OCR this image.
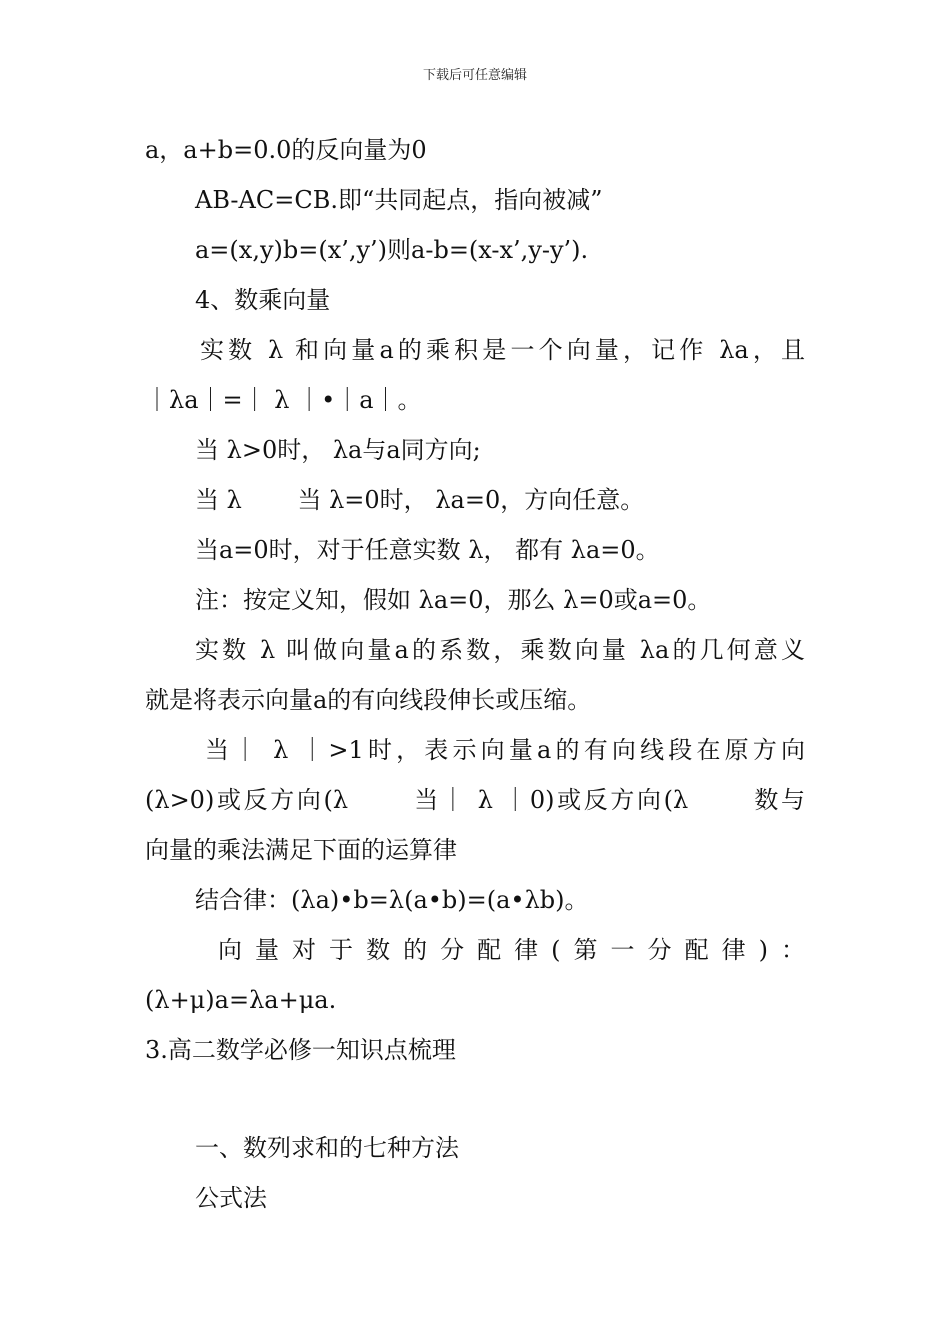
下载后可任意编辑
a，a+b=0.0的反向量为0
AB-AC=CB.即“共同起点，指向被减”
a=(x,y)b=(x’,y’)则a-b=(x-x’,y-y’).
4、数乘向量
实数 λ 和向量a的乘积是一个向量，记作 λa，且
｜λa｜=｜ λ ｜•｜a｜。
当 λ>0时， λa与a同方向;
当 λ　　 当 λ=0时， λa=0，方向任意。
当a=0时，对于任意实数 λ， 都有 λa=0。
注：按定义知，假如 λa=0，那么 λ=0或a=0。
实数 λ 叫做向量a的系数，乘数向量 λa的几何意义
就是将表示向量a的有向线段伸长或压缩。
当｜ λ ｜>1时，表示向量a的有向线段在原方向
(λ>0)或反方向(λ　　 当｜ λ ｜0)或反方向(λ　　 数与
向量的乘法满足下面的运算律
结合律：(λa)•b=λ(a•b)=(a•λb)。
向量对于数的分配律(第一分配律)：
(λ+μ)a=λa+μa.
3.高二数学必修一知识点梳理
一、数列求和的七种方法
公式法
